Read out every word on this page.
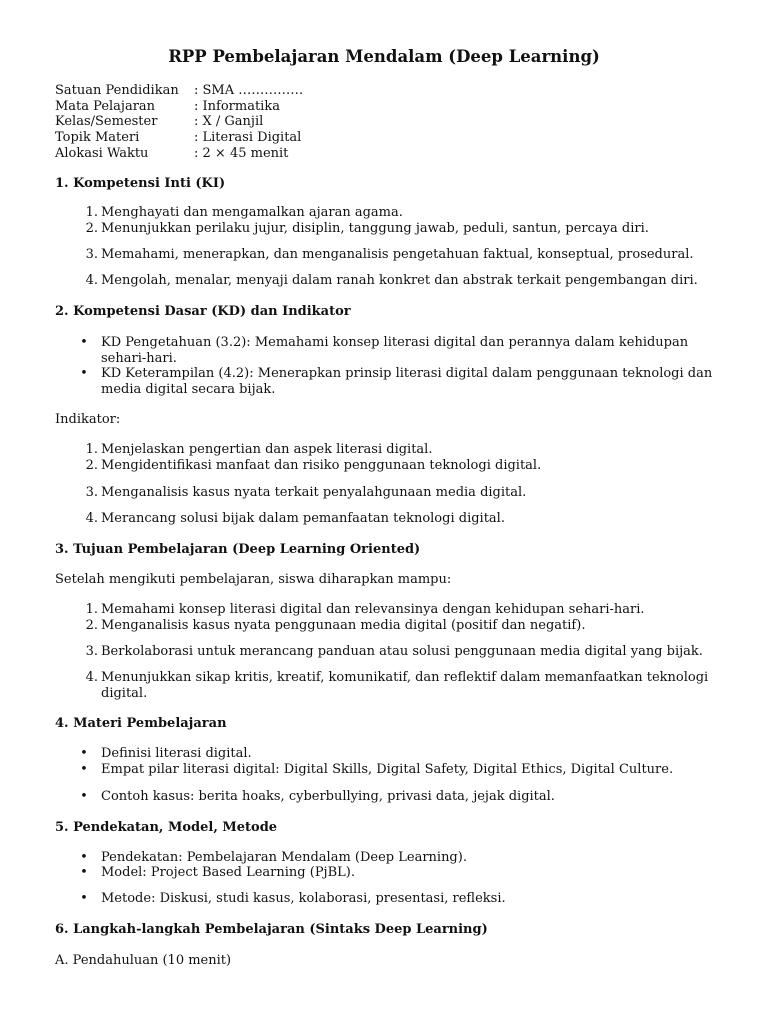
RPP Pembelajaran Mendalam (Deep Learning)
Satuan Pendidikan : SMA ……………
Mata Pelajaran	: Informatika
Kelas/Semester	: X / Ganjil
Topik Materi	: Literasi Digital
Alokasi Waktu	: 2 × 45 menit
1. Kompetensi Inti (KI)
1. Menghayati dan mengamalkan ajaran agama.
2. Menunjukkan perilaku jujur, disiplin, tanggung jawab, peduli, santun, percaya diri.
3. Memahami, menerapkan, dan menganalisis pengetahuan faktual, konseptual, prosedural.
4. Mengolah, menalar, menyaji dalam ranah konkret dan abstrak terkait pengembangan diri.
2. Kompetensi Dasar (KD) dan Indikator
• KD Pengetahuan (3.2): Memahami konsep literasi digital dan perannya dalam kehidupan sehari-hari.
• KD Keterampilan (4.2): Menerapkan prinsip literasi digital dalam penggunaan teknologi dan media digital secara bijak.
Indikator:
1. Menjelaskan pengertian dan aspek literasi digital.
2. Mengidentifikasi manfaat dan risiko penggunaan teknologi digital.
3. Menganalisis kasus nyata terkait penyalahgunaan media digital.
4. Merancang solusi bijak dalam pemanfaatan teknologi digital.
3. Tujuan Pembelajaran (Deep Learning Oriented)
Setelah mengikuti pembelajaran, siswa diharapkan mampu:
1. Memahami konsep literasi digital dan relevansinya dengan kehidupan sehari-hari.
2. Menganalisis kasus nyata penggunaan media digital (positif dan negatif).
3. Berkolaborasi untuk merancang panduan atau solusi penggunaan media digital yang bijak.
4. Menunjukkan sikap kritis, kreatif, komunikatif, dan reflektif dalam memanfaatkan teknologi digital.
4. Materi Pembelajaran
• Definisi literasi digital.
• Empat pilar literasi digital: Digital Skills, Digital Safety, Digital Ethics, Digital Culture.
• Contoh kasus: berita hoaks, cyberbullying, privasi data, jejak digital.
5. Pendekatan, Model, Metode
• Pendekatan: Pembelajaran Mendalam (Deep Learning).
• Model: Project Based Learning (PjBL).
• Metode: Diskusi, studi kasus, kolaborasi, presentasi, refleksi.
6. Langkah-langkah Pembelajaran (Sintaks Deep Learning)
A. Pendahuluan (10 menit)
